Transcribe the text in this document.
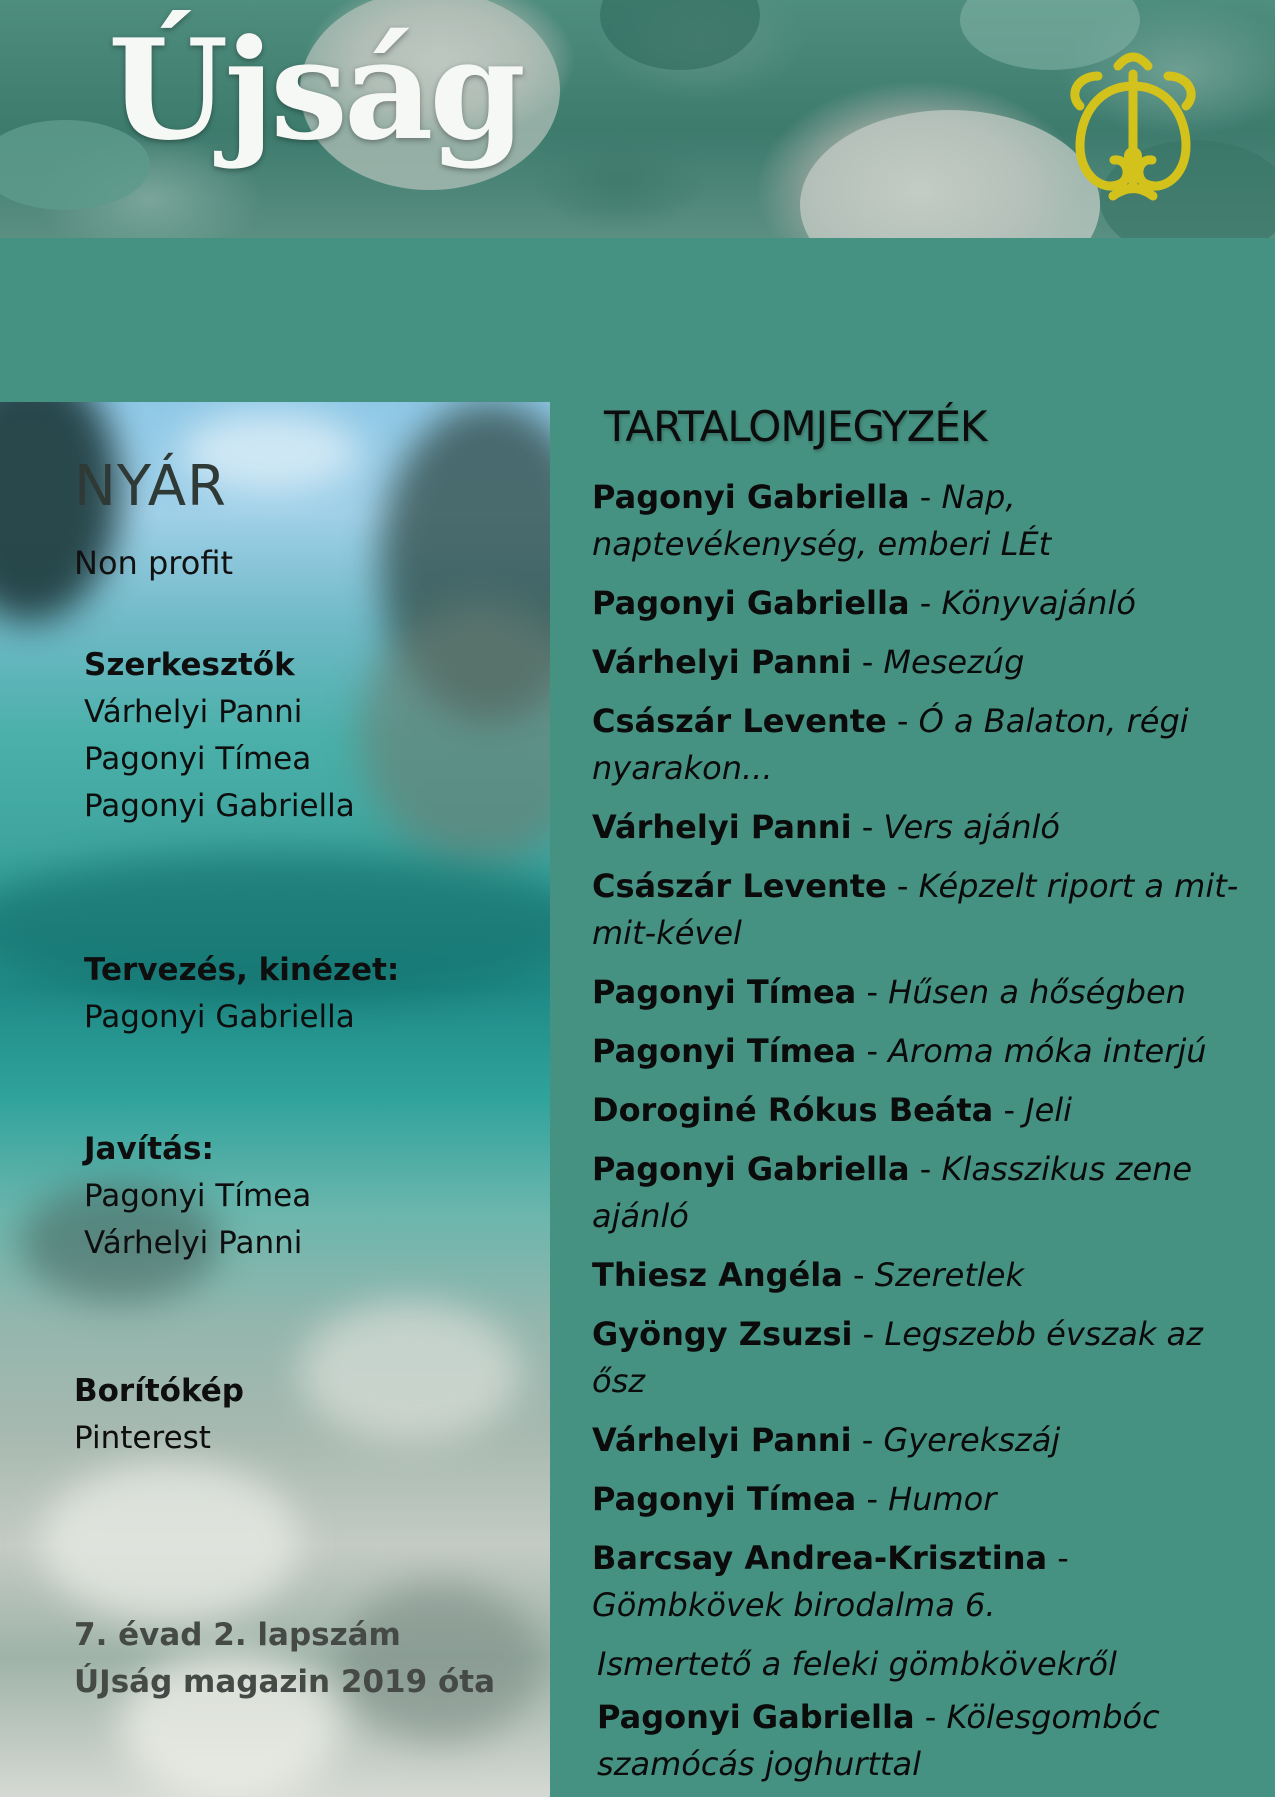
Újság
NYÁR
Non profit
Szerkesztők
Várhelyi Panni
Pagonyi Tímea
Pagonyi Gabriella
Tervezés, kinézet:
Pagonyi Gabriella
Javítás:
Pagonyi Tímea
Várhelyi Panni
Borítókép
Pinterest
7. évad 2. lapszám
ÚJság magazin 2019 óta
TARTALOMJEGYZÉK
Pagonyi Gabriella - Nap, naptevékenység, emberi LÉt
Pagonyi Gabriella - Könyvajánló
Várhelyi Panni - Mesezúg
Császár Levente - Ó a Balaton, régi nyarakon...
Várhelyi Panni - Vers ajánló
Császár Levente - Képzelt riport a mit-mit-kével
Pagonyi Tímea - Hűsen a hőségben
Pagonyi Tímea - Aroma móka interjú
Doroginé Rókus Beáta - Jeli
Pagonyi Gabriella - Klasszikus zene ajánló
Thiesz Angéla - Szeretlek
Gyöngy Zsuzsi - Legszebb évszak az ősz
Várhelyi Panni - Gyerekszáj
Pagonyi Tímea - Humor
Barcsay Andrea-Krisztina - Gömbkövek birodalma 6.
Ismertető a feleki gömbkövekről
Pagonyi Gabriella - Kölesgombóc szamócás joghurttal
